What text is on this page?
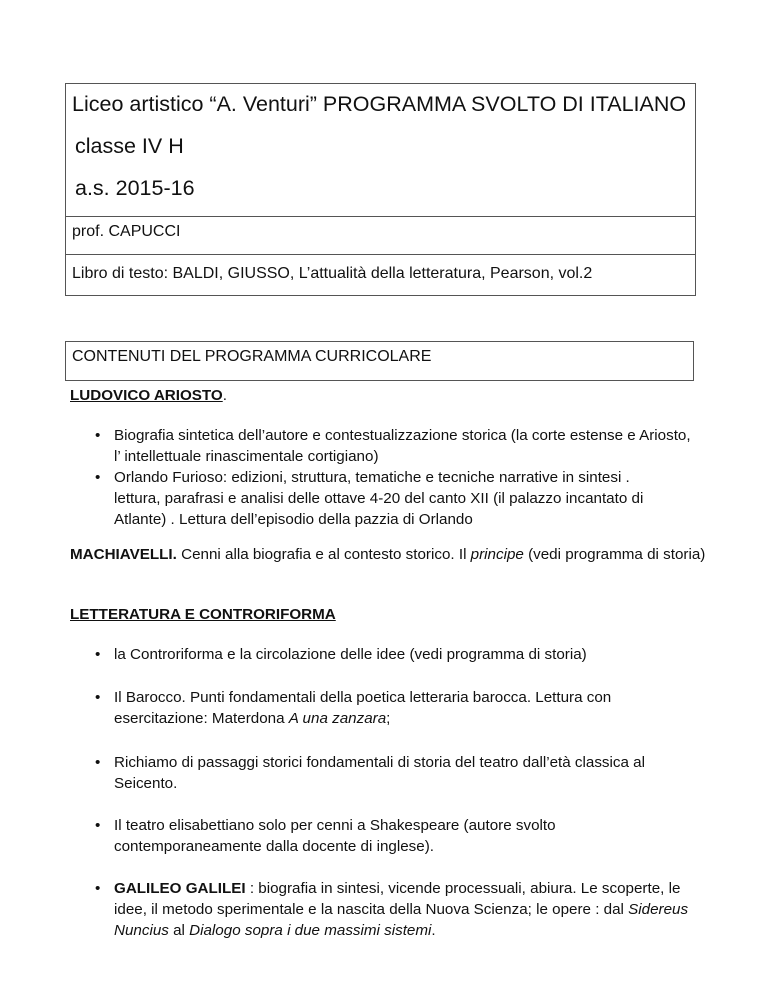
Liceo artistico “A. Venturi” PROGRAMMA SVOLTO DI ITALIANO
classe IV H
a.s. 2015-16
prof. CAPUCCI
Libro di testo: BALDI, GIUSSO, L’attualità della letteratura, Pearson, vol.2
CONTENUTI DEL PROGRAMMA CURRICOLARE
LUDOVICO ARIOSTO.
• Biografia sintetica dell’autore e contestualizzazione storica (la corte estense e Ariosto, l’ intellettuale rinascimentale cortigiano)
• Orlando Furioso: edizioni, struttura, tematiche e tecniche narrative in sintesi .
lettura, parafrasi e analisi delle ottave 4-20 del canto XII (il palazzo incantato di
Atlante) . Lettura dell’episodio della pazzia di Orlando
MACHIAVELLI. Cenni alla biografia e al contesto storico. Il principe (vedi programma di storia)
LETTERATURA E CONTRORIFORMA
• la Controriforma e la circolazione delle idee (vedi programma di storia)
• Il Barocco. Punti fondamentali della poetica letteraria barocca. Lettura con esercitazione: Materdona A una zanzara;
• Richiamo di passaggi storici fondamentali di storia del teatro dall’età classica al Seicento.
• Il teatro elisabettiano solo per cenni a Shakespeare (autore svolto contemporaneamente dalla docente di inglese).
• GALILEO GALILEI : biografia in sintesi, vicende processuali, abiura. Le scoperte, le idee, il metodo sperimentale e la nascita della Nuova Scienza; le opere : dal Sidereus Nuncius al Dialogo sopra i due massimi sistemi.
